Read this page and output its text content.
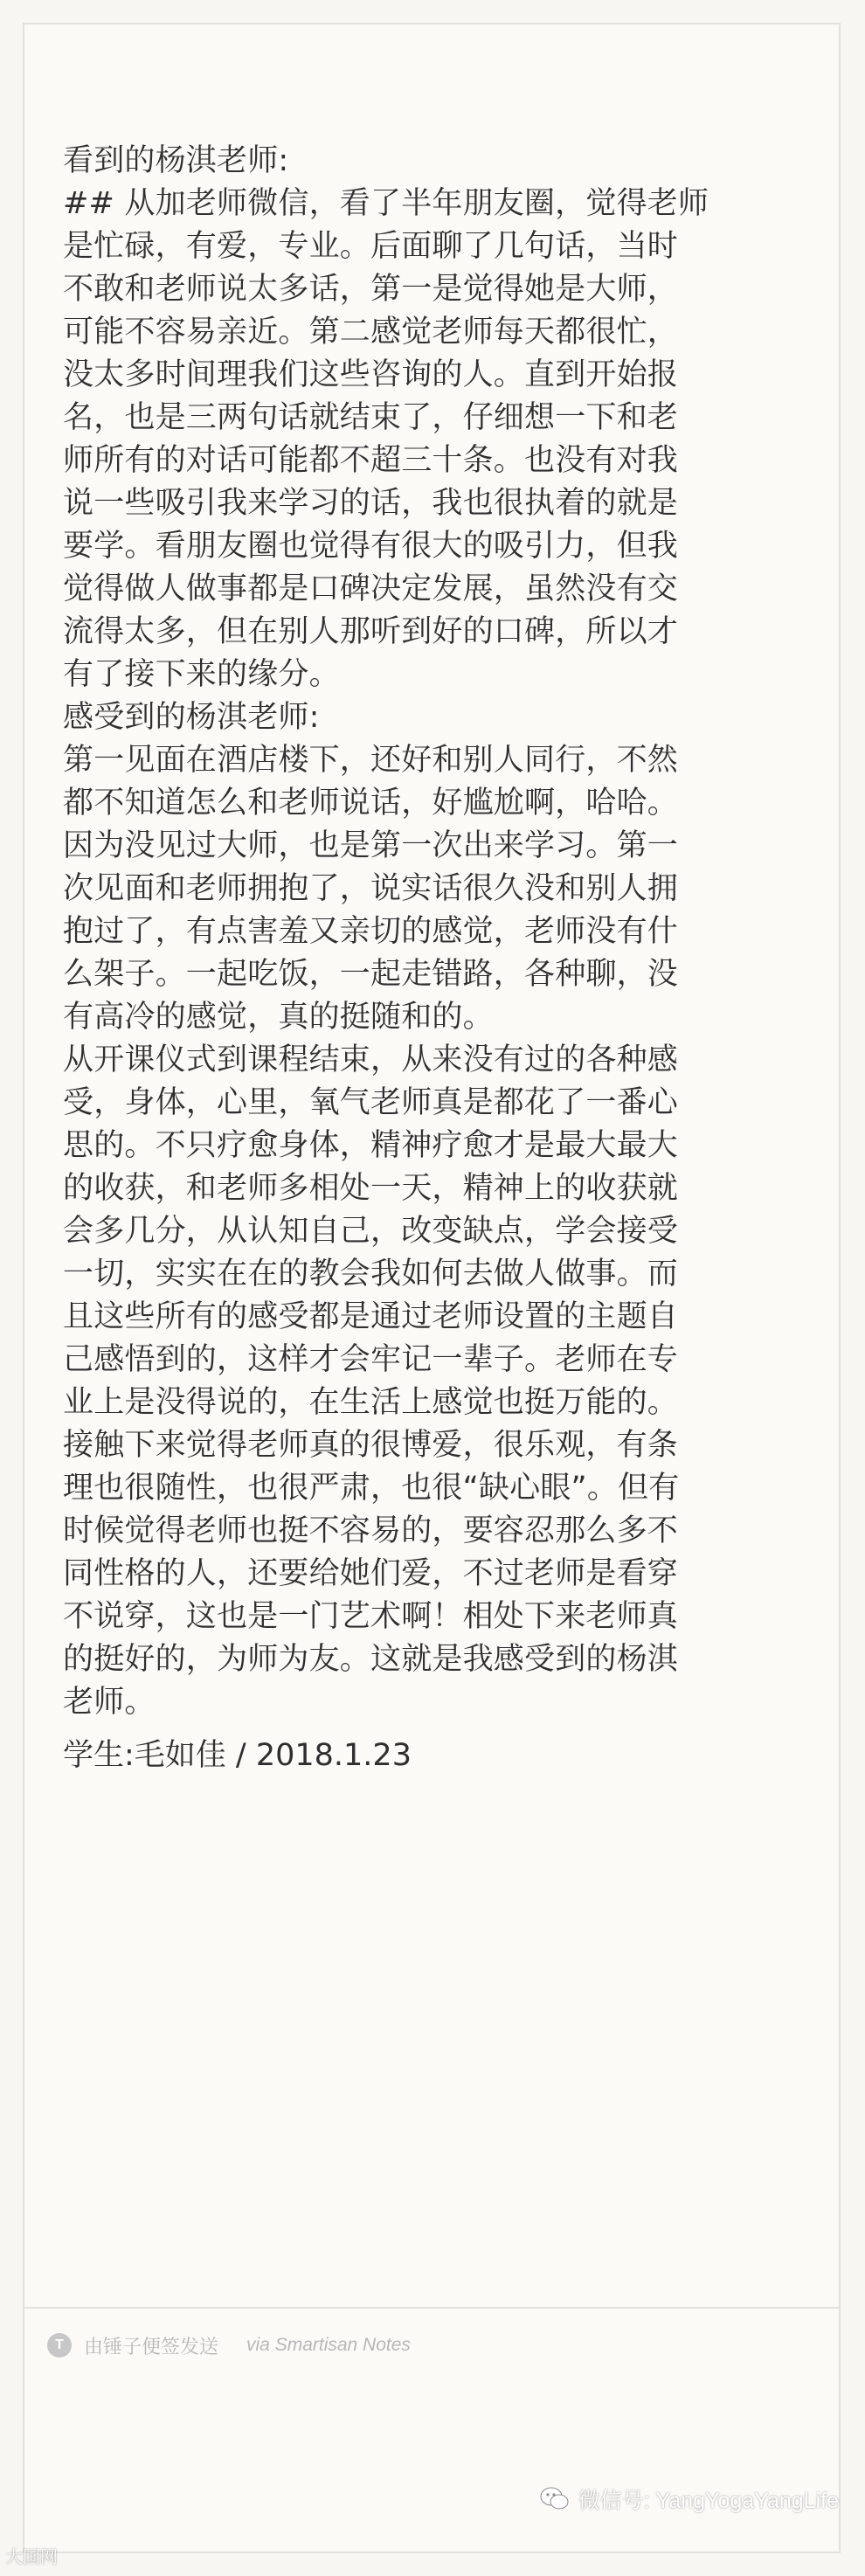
看到的杨淇老师:

## 从加老师微信，看了半年朋友圈，觉得老师

是忙碌，有爱，专业。后面聊了几句话，当时

不敢和老师说太多话，第一是觉得她是大师，

可能不容易亲近。第二感觉老师每天都很忙，

没太多时间理我们这些咨询的人。直到开始报

名，也是三两句话就结束了，仔细想一下和老

师所有的对话可能都不超三十条。也没有对我

说一些吸引我来学习的话，我也很执着的就是

要学。看朋友圈也觉得有很大的吸引力，但我

觉得做人做事都是口碑决定发展，虽然没有交

流得太多，但在别人那听到好的口碑，所以才

有了接下来的缘分。

感受到的杨淇老师:

第一见面在酒店楼下，还好和别人同行，不然

都不知道怎么和老师说话，好尴尬啊，哈哈。

因为没见过大师，也是第一次出来学习。第一

次见面和老师拥抱了，说实话很久没和别人拥

抱过了，有点害羞又亲切的感觉，老师没有什

么架子。一起吃饭，一起走错路，各种聊，没

有高冷的感觉，真的挺随和的。

从开课仪式到课程结束，从来没有过的各种感

受，身体，心里，氧气老师真是都花了一番心

思的。不只疗愈身体，精神疗愈才是最大最大

的收获，和老师多相处一天，精神上的收获就

会多几分，从认知自己，改变缺点，学会接受

一切，实实在在的教会我如何去做人做事。而

且这些所有的感受都是通过老师设置的主题自

己感悟到的，这样才会牢记一辈子。老师在专

业上是没得说的，在生活上感觉也挺万能的。

接触下来觉得老师真的很博爱，很乐观，有条

理也很随性，也很严肃，也很“缺心眼”。但有

时候觉得老师也挺不容易的，要容忍那么多不

同性格的人，还要给她们爱，不过老师是看穿

不说穿，这也是一门艺术啊！相处下来老师真

的挺好的，为师为友。这就是我感受到的杨淇

老师。

学生:毛如佳 / 2018.1.23
T	由锤子便签发送 via Smartisan Notes
微信号: YangYogaYangLife
大国网
